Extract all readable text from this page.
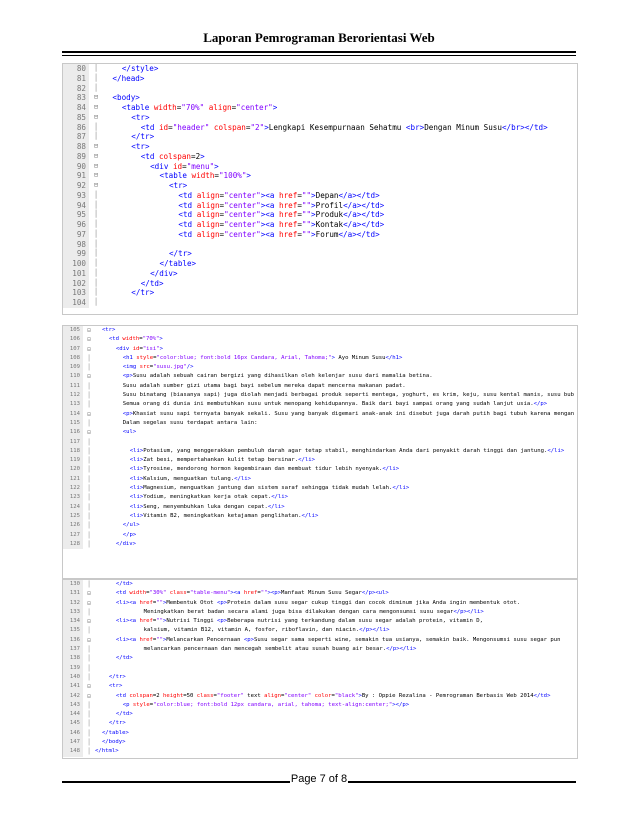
Laporan Pemrograman Berorientasi Web
80	│	</style>
81	│	</head>
82	│
83	⊟	<body>
84	⊟	<table width="70%" align="center">
85	⊟	<tr>
86	│	<td id="header" colspan="2">Lengkapi Kesempurnaan Sehatmu <br>Dengan Minum Susu</br></td>
87	│	</tr>
88	⊟	<tr>
89	⊟	<td colspan=2>
90	⊟	<div id="menu">
91	⊟	<table width="100%">
92	⊟	<tr>
93	│	<td align="center"><a href="">Depan</a></td>
94	│	<td align="center"><a href="">Profil</a></td>
95	│	<td align="center"><a href="">Produk</a></td>
96	│	<td align="center"><a href="">Kontak</a></td>
97	│	<td align="center"><a href="">Forum</a></td>
98	│
99	│	</tr>
100	│	</table>
101	│	</div>
102	│	</td>
103	│	</tr>
104	│
105	⊟	<tr>
106	⊟	<td width="70%">
107	⊟	<div id="isi">
108	│	<h1 style="color:blue; font:bold 16px Candara, Arial, Tahoma;"> Ayo Minum Susu</h1>
109	│	<img src="susu.jpg"/>
110	⊟	<p>Susu adalah sebuah cairan bergizi yang dihasilkan oleh kelenjar susu dari mamalia betina.
111	│	Susu adalah sumber gizi utama bagi bayi sebelum mereka dapat mencerna makanan padat.
112	│	Susu binatang (biasanya sapi) juga diolah menjadi berbagai produk seperti mentega, yoghurt, es krim, keju, susu kental manis, susu bub
113	│	Semua orang di dunia ini membutuhkan susu untuk menopang kehidupannya. Baik dari bayi sampai orang yang sudah lanjut usia.</p>
114	⊟	<p>Khasiat susu sapi ternyata banyak sekali. Susu yang banyak digemari anak-anak ini disebut juga darah putih bagi tubuh karena mengan
115	│	Dalam segelas susu terdapat antara lain:
116	⊟	<ul>
117	│
118	│	<li>Potasium, yang menggerakkan pembuluh darah agar tetap stabil, menghindarkan Anda dari penyakit darah tinggi dan jantung.</li>
119	│	<li>Zat besi, mempertahankan kulit tetap bersinar.</li>
120	│	<li>Tyrosine, mendorong hormon kegembiraan dan membuat tidur lebih nyenyak.</li>
121	│	<li>Kalsium, menguatkan tulang.</li>
122	│	<li>Magnesium, menguatkan jantung dan sistem saraf sehingga tidak mudah lelah.</li>
123	│	<li>Yodium, meningkatkan kerja otak cepat.</li>
124	│	<li>Seng, menyembuhkan luka dengan cepat.</li>
125	│	<li>Vitamin B2, meningkatkan ketajaman penglihatan.</li>
126	│	</ul>
127	│	</p>
128	│	</div>
130	│	</td>
131	⊟	<td width="30%" class="table-menu"><a href=""><p>Manfaat Minum Susu Segar</p><ul>
132	⊟	<li><a href="">Membentuk Otot <p>Protein dalam susu segar cukup tinggi dan cocok diminum jika Anda ingin membentuk otot.
133	│	Meningkatkan berat badan secara alami juga bisa dilakukan dengan cara mengonsumsi susu segar</p></li>
134	⊟	<li><a href="">Nutrisi Tinggi <p>Beberapa nutrisi yang terkandung dalam susu segar adalah protein, vitamin D,
135	│	kalsium, vitamin B12, vitamin A, fosfor, riboflavin, dan niacin.</p></li>
136	⊟	<li><a href="">Melancarkan Pencernaan <p>Susu segar sama seperti wine, semakin tua usianya, semakin baik. Mengonsumsi susu segar pun
137	│	melancarkan pencernaan dan mencegah sembelit atau susah buang air besar.</p></li>
138	│	</td>
139	│
140	│	</tr>
141	⊟	<tr>
142	⊟	<td colspan=2 height=50 class="footer" text align="center" color="black">By : Oppie Rezalina - Pemrograman Berbasis Web 2014</td>
143	│	<p style="color:blue; font:bold 12px candara, arial, tahoma; text-align:center;"></p>
144	│	</td>
145	│	</tr>
146	│	</table>
147	│	</body>
148	│ </html>
Page 7 of 8
